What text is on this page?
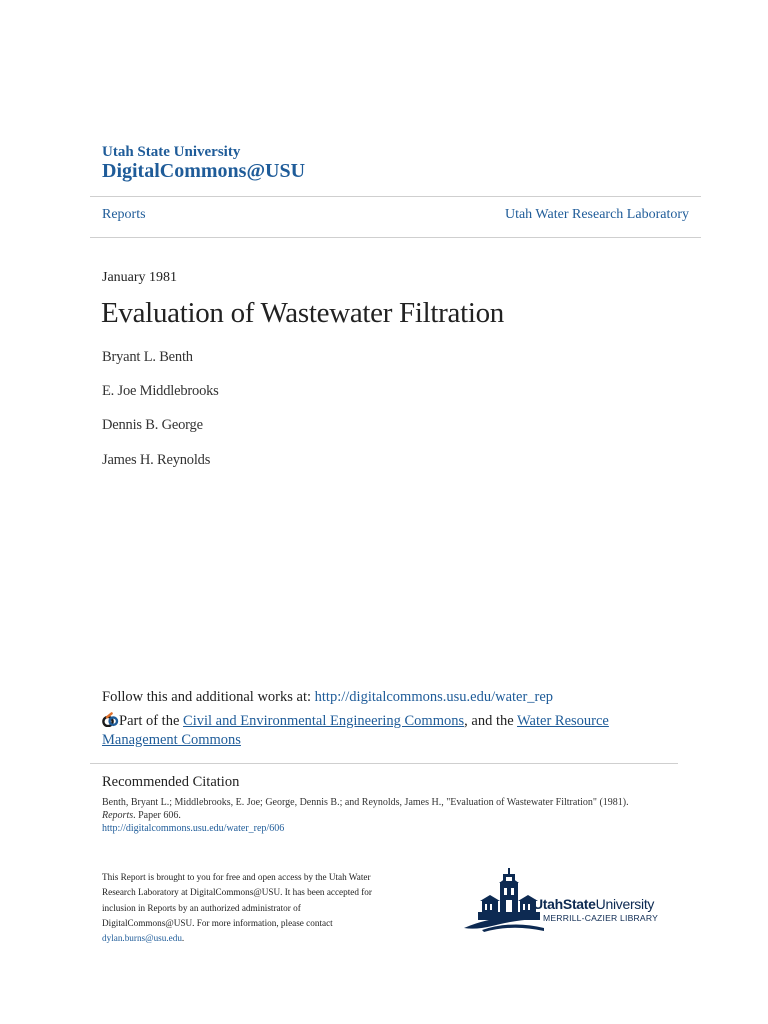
Utah State University
DigitalCommons@USU
Reports	Utah Water Research Laboratory
January 1981
Evaluation of Wastewater Filtration
Bryant L. Benth
E. Joe Middlebrooks
Dennis B. George
James H. Reynolds
Follow this and additional works at: http://digitalcommons.usu.edu/water_rep
Part of the Civil and Environmental Engineering Commons, and the Water Resource
Management Commons
Recommended Citation
Benth, Bryant L.; Middlebrooks, E. Joe; George, Dennis B.; and Reynolds, James H., "Evaluation of Wastewater Filtration" (1981).
Reports. Paper 606.
http://digitalcommons.usu.edu/water_rep/606
This Report is brought to you for free and open access by the Utah Water
Research Laboratory at DigitalCommons@USU. It has been accepted for
inclusion in Reports by an authorized administrator of
DigitalCommons@USU. For more information, please contact
dylan.burns@usu.edu.
UtahStateUniversity
MERRILL-CAZIER LIBRARY
